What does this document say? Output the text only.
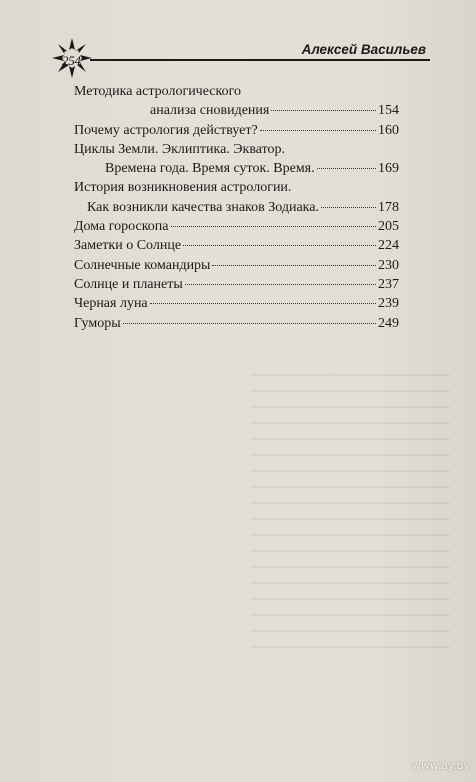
254
Алексей Васильев
Методика астрологического
анализа сновидения	154
Почему астрология действует?	160
Циклы Земли. Эклиптика. Экватор.
Времена года. Время суток. Время.	169
История возникновения астрологии.
Как возникли качества знаков Зодиака.	178
Дома гороскопа	205
Заметки о Солнце	224
Солнечные командиры	230
Солнце и планеты	237
Черная луна	239
Гуморы	249
www.ay.by
